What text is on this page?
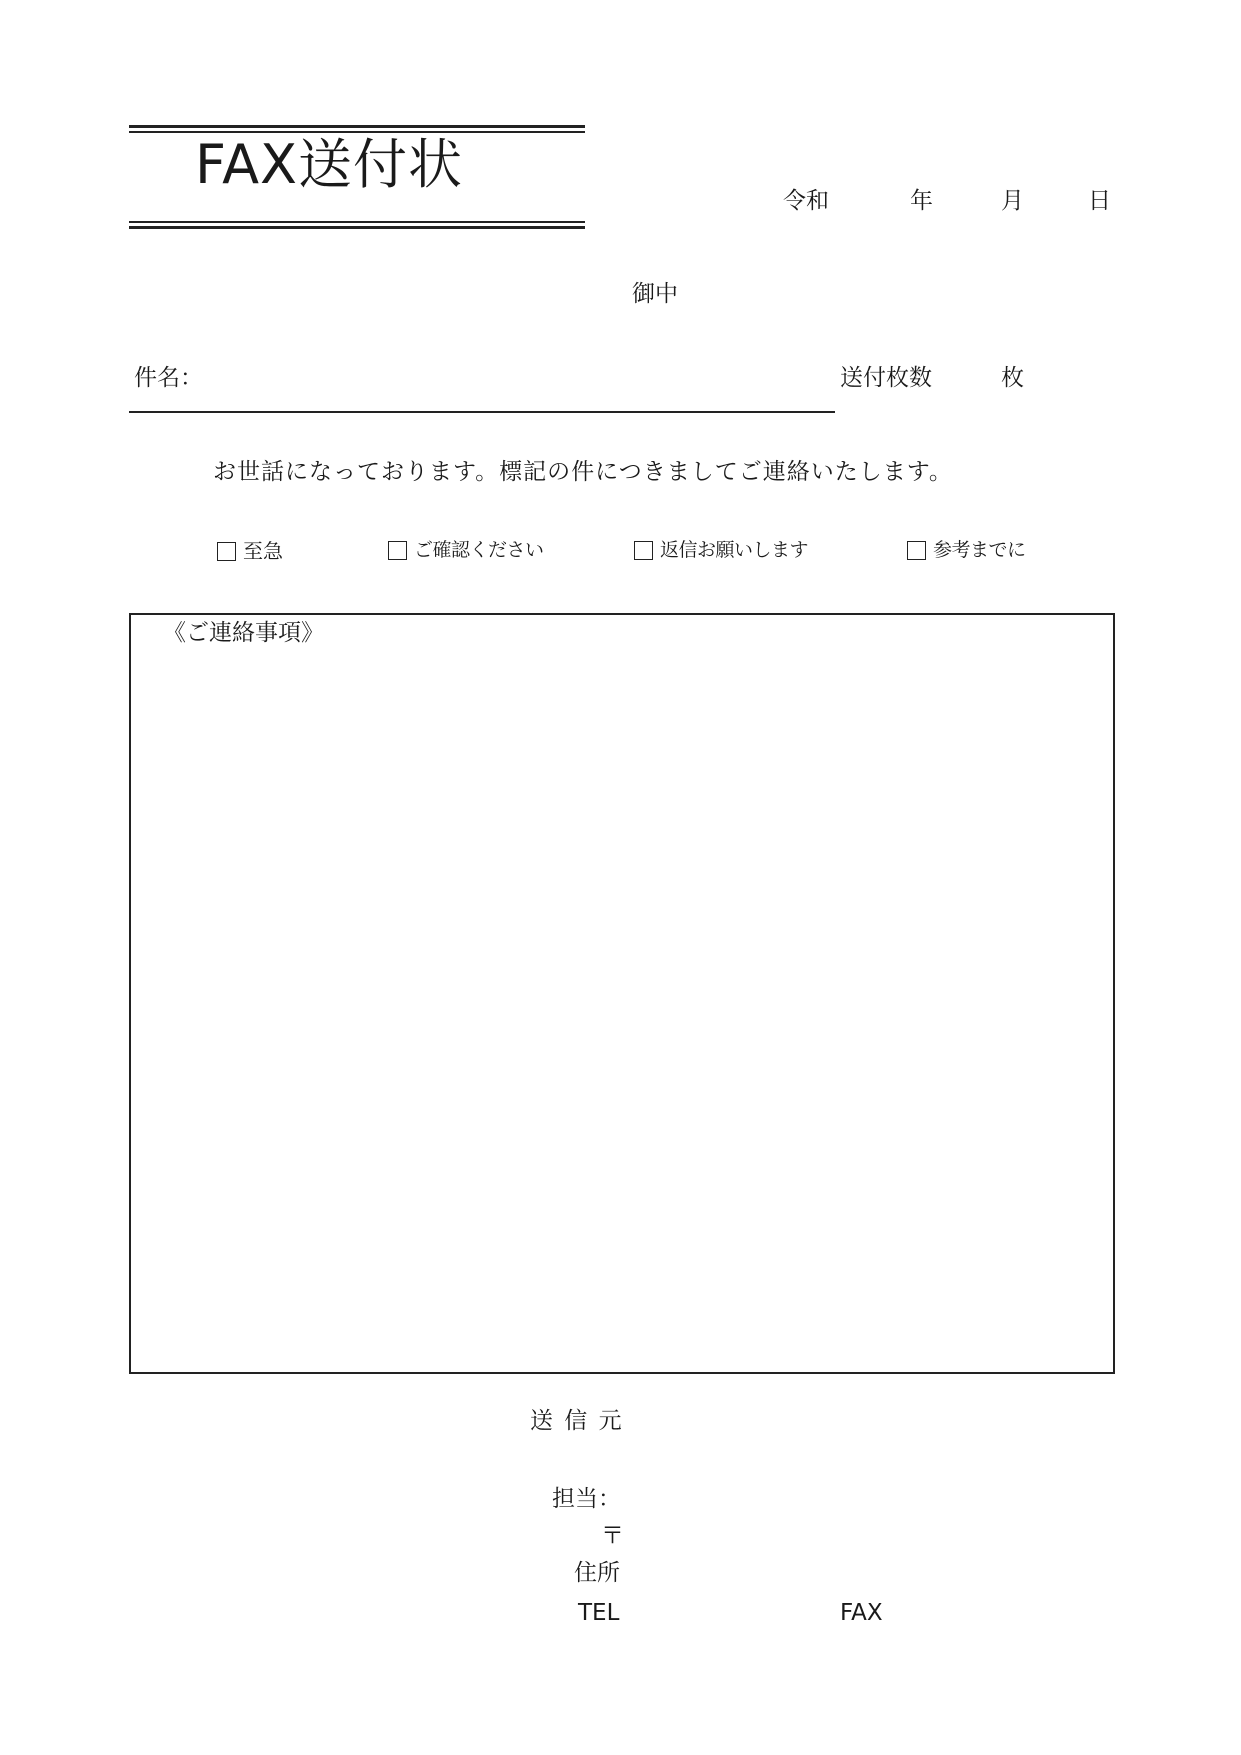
FAX送付状
令和	年	月	日
御中
件名：	送付枚数	枚
お世話になっております。標記の件につきましてご連絡いたします。
至急	ご確認ください	返信お願いします	参考までに
《ご連絡事項》
送 信 元
担当：
〒
住所
TEL	FAX
